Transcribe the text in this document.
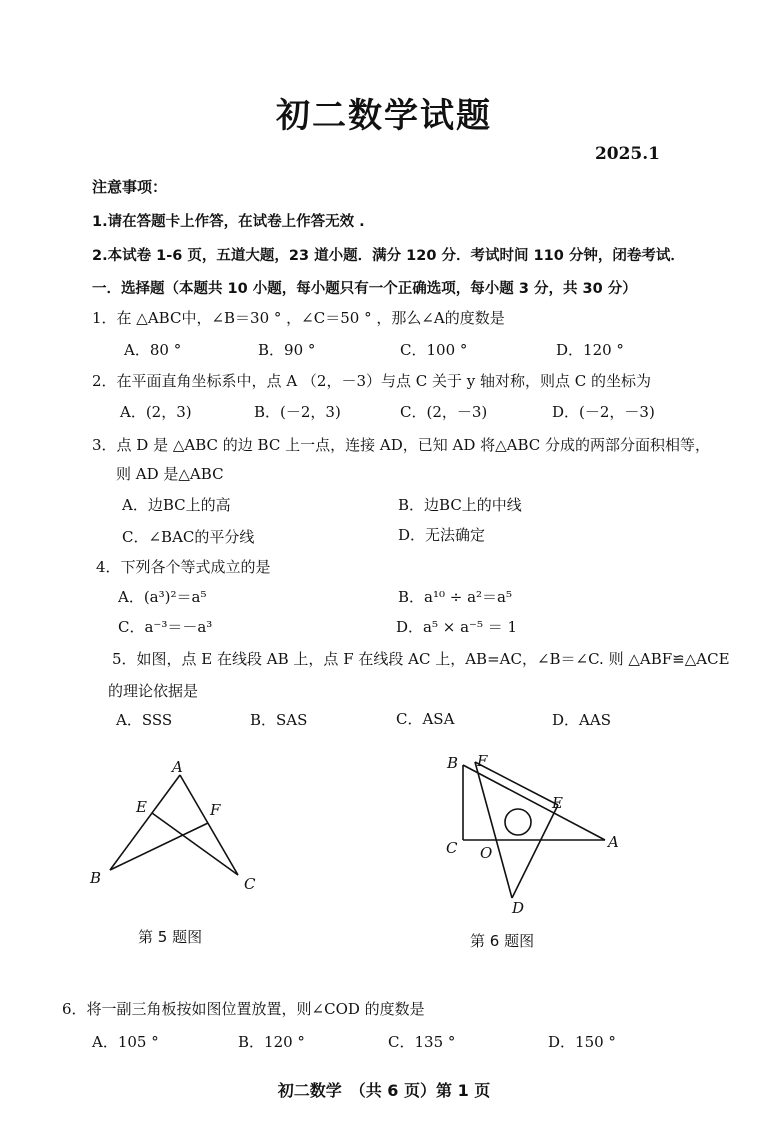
初二数学试题
2025.1
注意事项：
1.请在答题卡上作答，在试卷上作答无效 .
2.本试卷 1-6 页，五道大题，23 道小题．满分 120 分．考试时间 110 分钟，闭卷考试．
一．选择题（本题共 10 小题，每小题只有一个正确选项，每小题 3 分，共 30 分）
1．在 △ABC中，∠B＝30 ° ，∠C＝50 ° ，那么∠A的度数是
A．80 °	B．90 °	C．100 °	D．120 °
2．在平面直角坐标系中，点 A （2，－3）与点 C 关于 y 轴对称，则点 C 的坐标为
A．(2，3)	B．(－2，3)	C．(2，－3)	D．(－2，－3)
3．点 D 是 △ABC 的边 BC 上一点，连接 AD，已知 AD 将△ABC 分成的两部分面积相等，
则 AD 是△ABC
A．边BC上的高	B．边BC上的中线
C．∠BAC的平分线	D．无法确定
4．下列各个等式成立的是
A．(a³)²＝a⁵	B．a¹⁰ ÷ a²＝a⁵
C．a⁻³＝－a³	D．a⁵ × a⁻⁵ ＝ 1
5．如图，点 E 在线段 AB 上，点 F 在线段 AC 上，AB=AC，∠B＝∠C. 则 △ABF≌△ACE
的理论依据是
A．SSS	B．SAS	C．ASA	D．AAS
A
B	C
E	F
第 5 题图
B F
C O
A
E
D
第 6 题图
6．将一副三角板按如图位置放置，则∠COD 的度数是
A．105 °	B．120 °	C．135 °	D．150 °
初二数学　（共 6 页）第 1 页
